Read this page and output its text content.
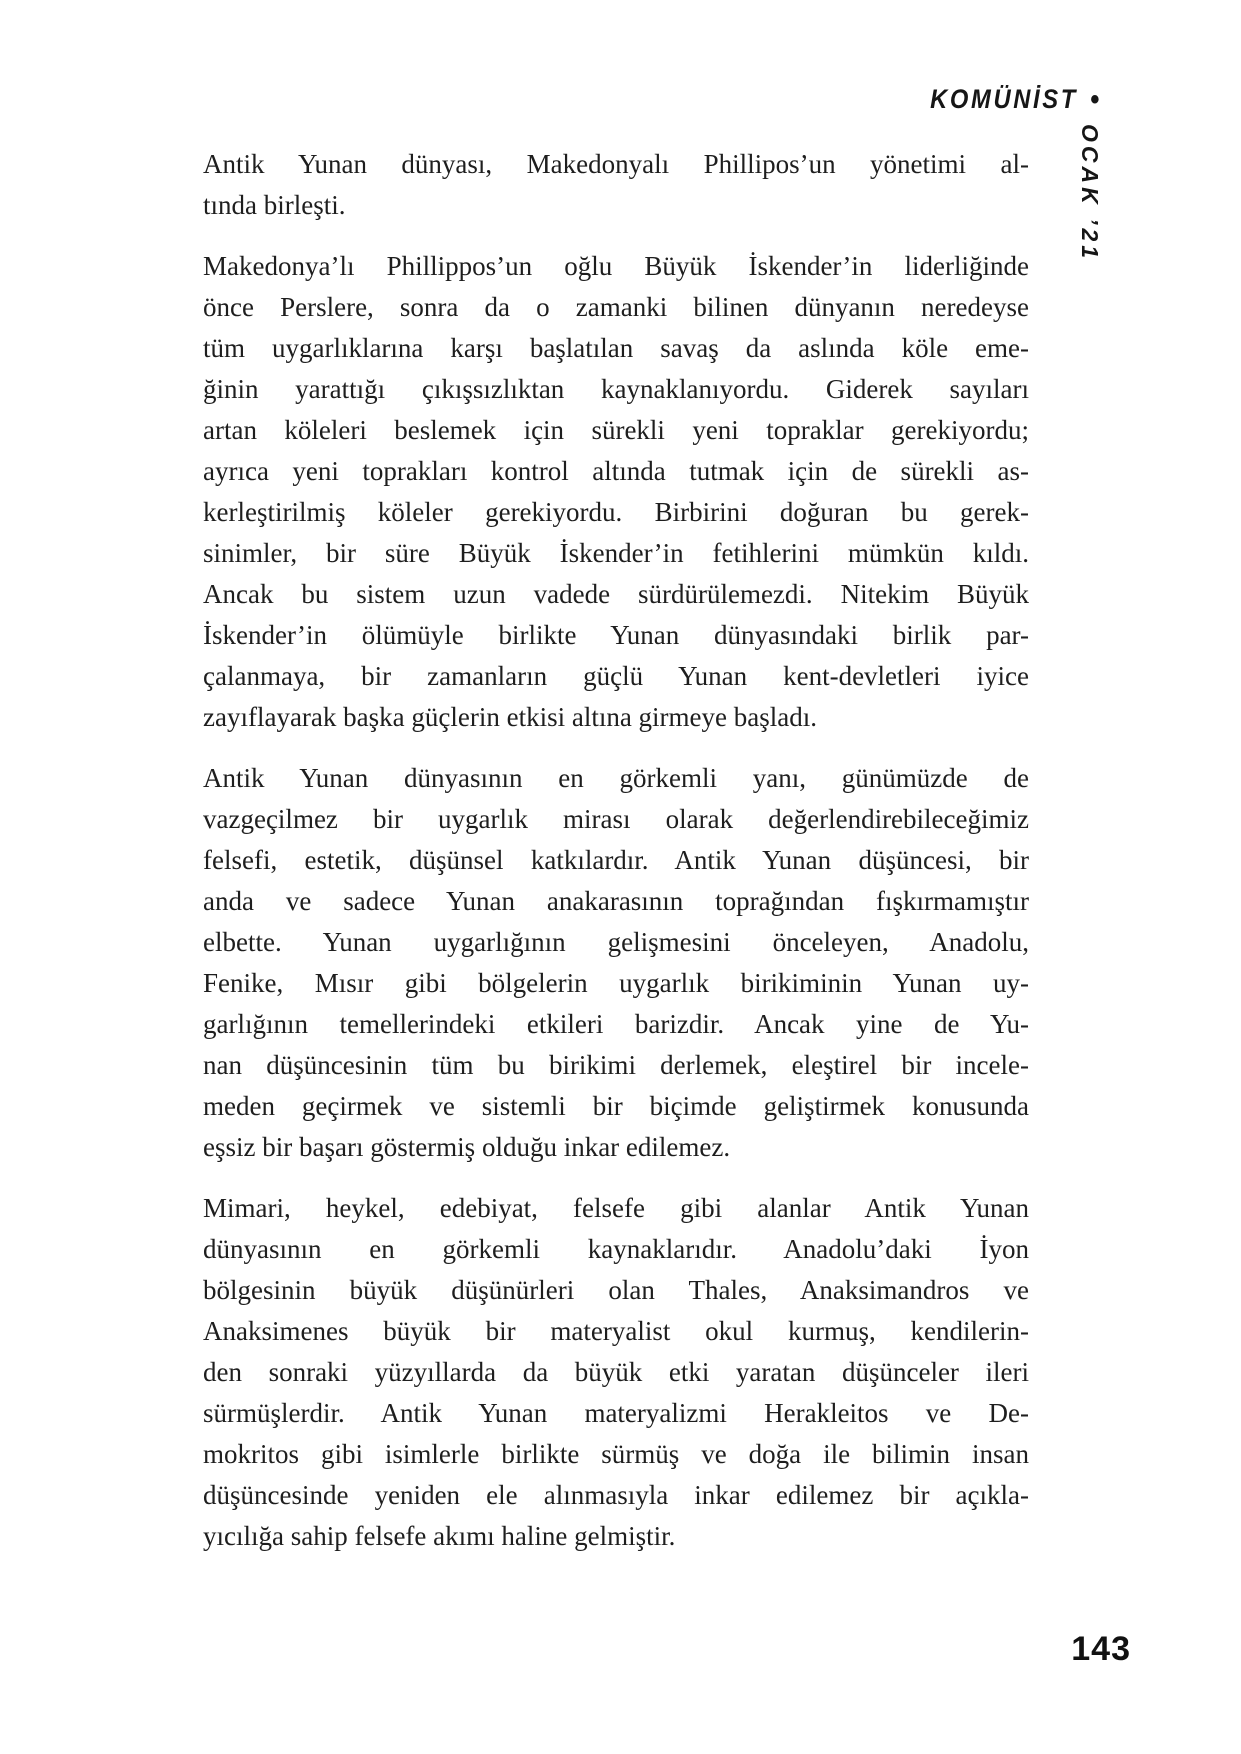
KOMÜNİST •
OCAK ’21
Antik Yunan dünyası, Makedonyalı Phillipos’un yönetimi al-
tında birleşti.
Makedonya’lı Phillippos’un oğlu Büyük İskender’in liderliğinde
önce Perslere, sonra da o zamanki bilinen dünyanın neredeyse
tüm uygarlıklarına karşı başlatılan savaş da aslında köle eme-
ğinin yarattığı çıkışsızlıktan kaynaklanıyordu. Giderek sayıları
artan köleleri beslemek için sürekli yeni topraklar gerekiyordu;
ayrıca yeni toprakları kontrol altında tutmak için de sürekli as-
kerleştirilmiş köleler gerekiyordu. Birbirini doğuran bu gerek-
sinimler, bir süre Büyük İskender’in fetihlerini mümkün kıldı.
Ancak bu sistem uzun vadede sürdürülemezdi. Nitekim Büyük
İskender’in ölümüyle birlikte Yunan dünyasındaki birlik par-
çalanmaya, bir zamanların güçlü Yunan kent-devletleri iyice
zayıflayarak başka güçlerin etkisi altına girmeye başladı.
Antik Yunan dünyasının en görkemli yanı, günümüzde de
vazgeçilmez bir uygarlık mirası olarak değerlendirebileceğimiz
felsefi, estetik, düşünsel katkılardır. Antik Yunan düşüncesi, bir
anda ve sadece Yunan anakarasının toprağından fışkırmamıştır
elbette. Yunan uygarlığının gelişmesini önceleyen, Anadolu,
Fenike, Mısır gibi bölgelerin uygarlık birikiminin Yunan uy-
garlığının temellerindeki etkileri barizdir. Ancak yine de Yu-
nan düşüncesinin tüm bu birikimi derlemek, eleştirel bir incele-
meden geçirmek ve sistemli bir biçimde geliştirmek konusunda
eşsiz bir başarı göstermiş olduğu inkar edilemez.
Mimari, heykel, edebiyat, felsefe gibi alanlar Antik Yunan
dünyasının en görkemli kaynaklarıdır. Anadolu’daki İyon
bölgesinin büyük düşünürleri olan Thales, Anaksimandros ve
Anaksimenes büyük bir materyalist okul kurmuş, kendilerin-
den sonraki yüzyıllarda da büyük etki yaratan düşünceler ileri
sürmüşlerdir. Antik Yunan materyalizmi Herakleitos ve De-
mokritos gibi isimlerle birlikte sürmüş ve doğa ile bilimin insan
düşüncesinde yeniden ele alınmasıyla inkar edilemez bir açıkla-
yıcılığa sahip felsefe akımı haline gelmiştir.
143
